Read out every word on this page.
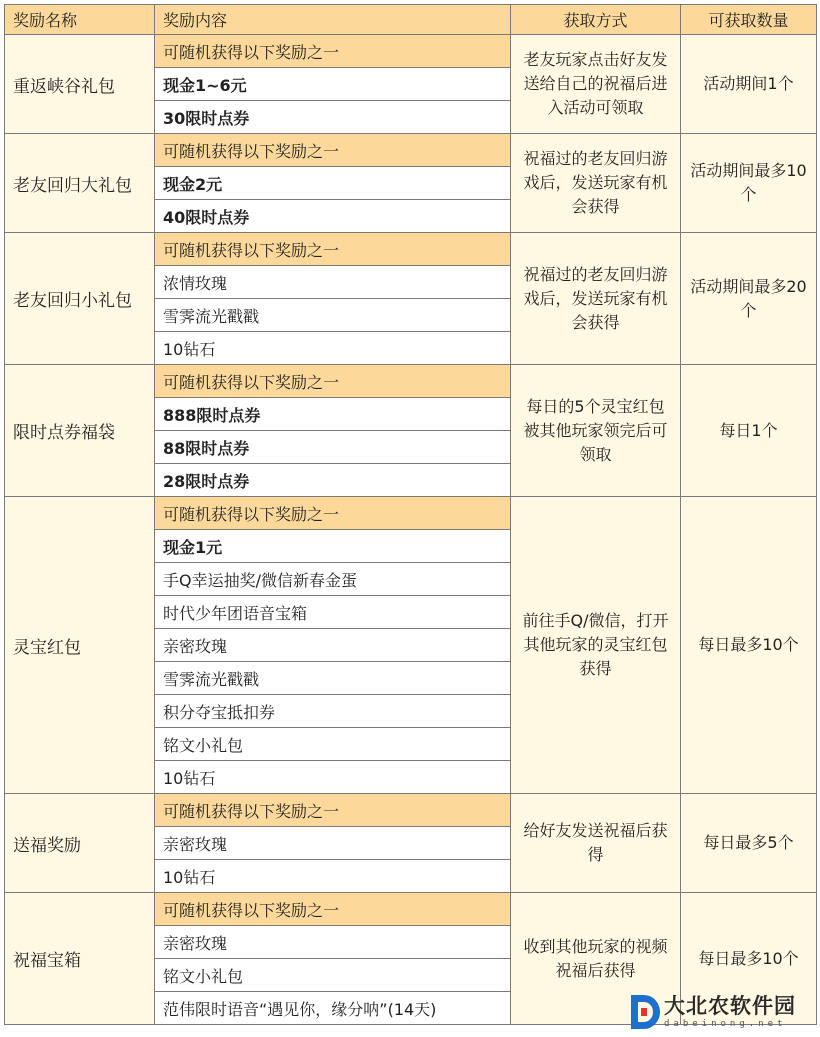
奖励名称	奖励内容	获取方式	可获取数量
重返峡谷礼包	可随机获得以下奖励之一	老友玩家点击好友发送给自己的祝福后进入活动可领取	活动期间1个
	现金1~6元		
	30限时点券		
老友回归大礼包	可随机获得以下奖励之一	祝福过的老友回归游戏后，发送玩家有机会获得	活动期间最多10个
	现金2元		
	40限时点券		
老友回归小礼包	可随机获得以下奖励之一	祝福过的老友回归游戏后，发送玩家有机会获得	活动期间最多20个
	浓情玫瑰		
	雪霁流光戳戳		
	10钻石		
限时点券福袋	可随机获得以下奖励之一	每日的5个灵宝红包被其他玩家领完后可领取	每日1个
	888限时点券		
	88限时点券		
	28限时点券		
灵宝红包	可随机获得以下奖励之一	前往手Q/微信，打开其他玩家的灵宝红包获得	每日最多10个
	现金1元		
	手Q幸运抽奖/微信新春金蛋		
	时代少年团语音宝箱		
	亲密玫瑰		
	雪霁流光戳戳		
	积分夺宝抵扣券		
	铭文小礼包		
	10钻石		
送福奖励	可随机获得以下奖励之一	给好友发送祝福后获得	每日最多5个
	亲密玫瑰		
	10钻石		
祝福宝箱	可随机获得以下奖励之一	收到其他玩家的视频祝福后获得	每日最多10个
	亲密玫瑰		
	铭文小礼包		
	范伟限时语音“遇见你，缘分呐”(14天)			大北农软件园
dabeinong.net
